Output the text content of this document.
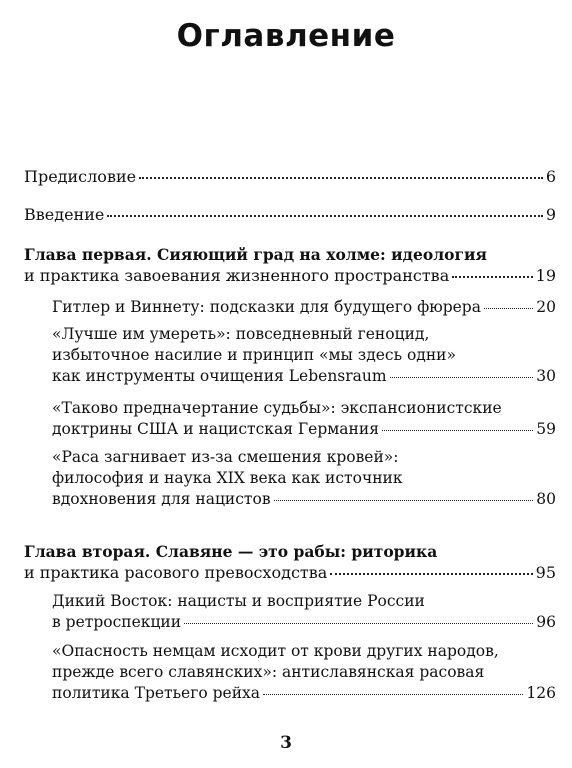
Оглавление
Предисловие	6
Введение	9
Глава первая. Сияющий град на холме: идеология
и практика завоевания жизненного пространства	19
Гитлер и Виннету: подсказки для будущего фюрера	20
«Лучше им умереть»: повседневный геноцид,
избыточное насилие и принцип «мы здесь одни»
как инструменты очищения Lebensraum	30
«Таково предначертание судьбы»: экспансионистские
доктрины США и нацистская Германия	59
«Раса загнивает из-за смешения кровей»:
философия и наука XIX века как источник
вдохновения для нацистов	80
Глава вторая. Славяне — это рабы: риторика
и практика расового превосходства	95
Дикий Восток: нацисты и восприятие России
в ретроспекции	96
«Опасность немцам исходит от крови других народов,
прежде всего славянских»: антиславянская расовая
политика Третьего рейха	126
3
